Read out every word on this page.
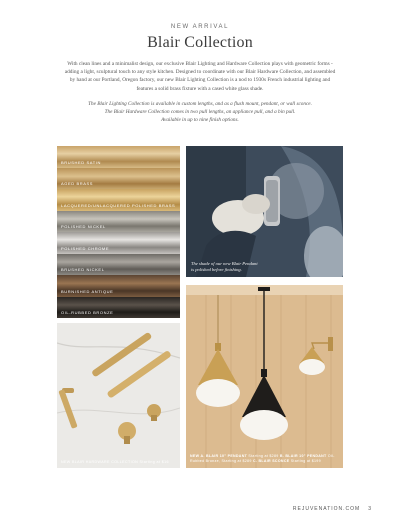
NEW ARRIVAL
Blair Collection

With clean lines and a minimalist design, our exclusive Blair Lighting and Hardware Collection plays with geometric forms - adding a light, sculptural touch to any style kitchen. Designed to coordinate with our Blair Hardware Collection, and assembled by hand at our Portland, Oregon factory, our new Blair Lighting Collection is a nod to 1930s French industrial lighting and features a solid brass fixture with a cased white glass shade.

The Blair Lighting Collection is available in custom lengths, and as a flush mount, pendant, or wall sconce.
The Blair Hardware Collection comes in two pull lengths, an appliance pull, and a bin pull.
Available in up to nine finish options.

BRUSHED SATIN
AGED BRASS
LACQUERED/UNLACQUERED POLISHED BRASS
POLISHED NICKEL
POLISHED CHROME
BRUSHED NICKEL
BURNISHED ANTIQUE
OIL-RUBBED BRONZE
The shade of our new Blair Pendant
is polished before finishing.
NEW BLAIR HARDWARE COLLECTION Starting at $16
NEW A. BLAIR 10" PENDANT Starting at $289 B. BLAIR 10" PENDANT Oil-Rubbed Bronze, Starting at $289 C. BLAIR SCONCE Starting at $199
REJUVENATION.COM 3
